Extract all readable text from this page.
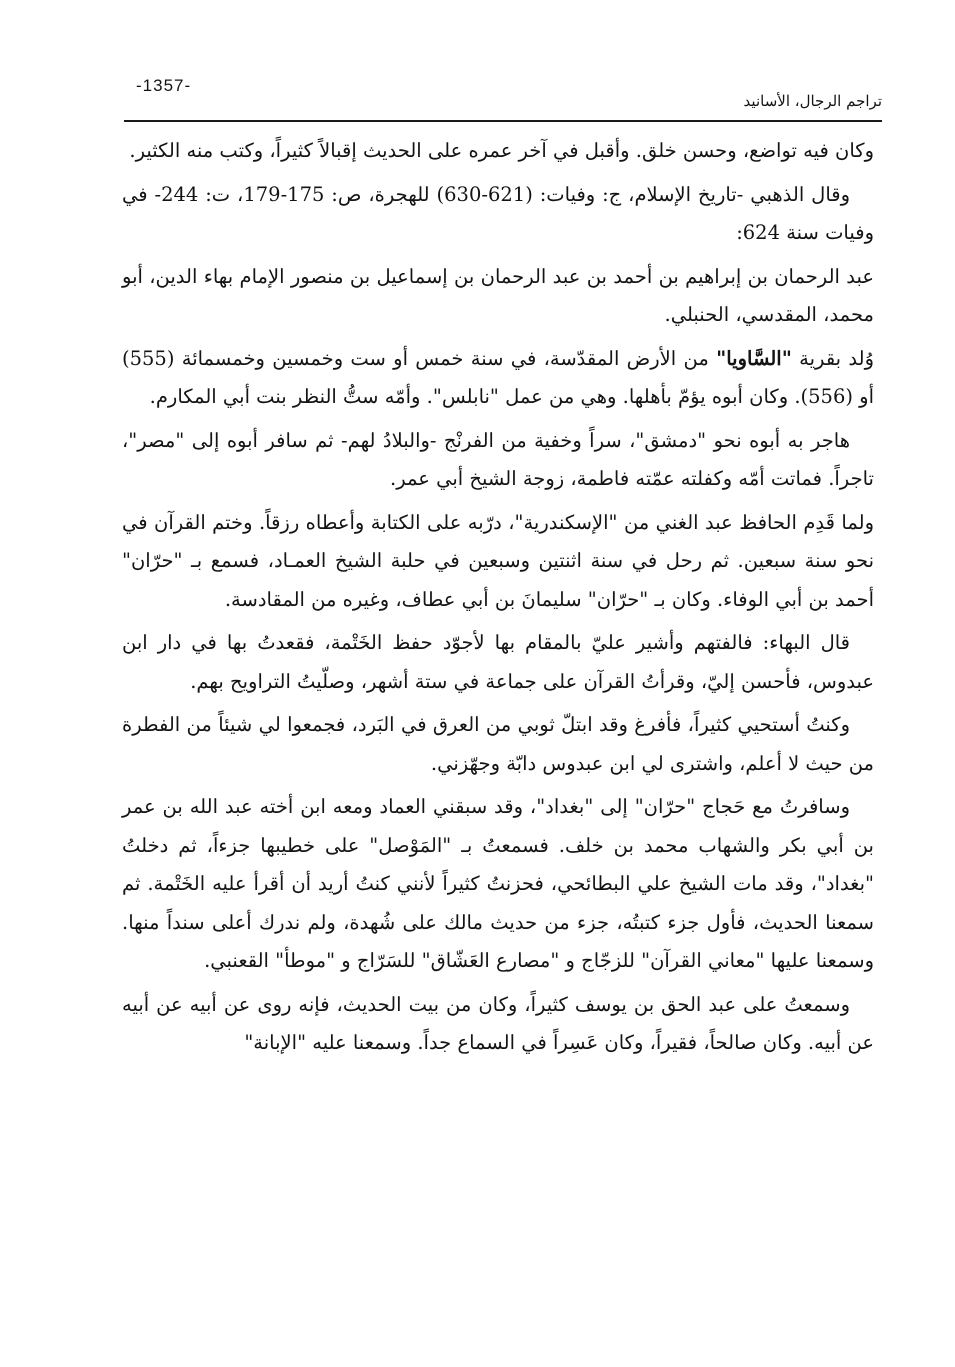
-1357-
تراجم الرجال، الأسانيد

وكان فيه تواضع، وحسن خلق. وأقبل في آخر عمره على الحديث إقبالاً كثيراً، وكتب منه الكثير.

وقال الذهبي -تاريخ الإسلام، ج: وفيات: (621-630) للهجرة، ص: 175-179، ت: 244- في وفيات سنة 624:

عبد الرحمان بن إبراهيم بن أحمد بن عبد الرحمان بن إسماعيل بن منصور الإمام بهاء الدين، أبو محمد، المقدسي، الحنبلي.

وُلد بقرية "السَّاويا" من الأرض المقدّسة، في سنة خمس أو ست وخمسين وخمسمائة (555) أو (556). وكان أبوه يؤمّ بأهلها. وهي من عمل "نابلس". وأمّه ستُّ النظر بنت أبي المكارم.

هاجر به أبوه نحو "دمشق"، سراً وخفية من الفرنْج -والبلادُ لهم- ثم سافر أبوه إلى "مصر"، تاجراً. فماتت أمّه وكفلته عمّته فاطمة، زوجة الشيخ أبي عمر.

ولما قَدِم الحافظ عبد الغني من "الإسكندرية"، درّبه على الكتابة وأعطاه رزقاً. وختم القرآن في نحو سنة سبعين. ثم رحل في سنة اثنتين وسبعين في حلبة الشيخ العمـاد، فسمع بـ "حرّان" أحمد بن أبي الوفاء. وكان بـ "حرّان" سليمانَ بن أبي عطاف، وغيره من المقادسة.

قال البهاء: فالفتهم وأشير عليّ بالمقام بها لأجوّد حفظ الخَتْمة، فقعدتُ بها في دار ابن عبدوس، فأحسن إليّ، وقرأتُ القرآن على جماعة في ستة أشهر، وصلّيتُ التراويح بهم.

وكنتُ أستحيي كثيراً، فأفرغ وقد ابتلّ ثوبي من العرق في البَرد، فجمعوا لي شيئاً من الفطرة من حيث لا أعلم، واشترى لي ابن عبدوس دابّة وجهّزني.

وسافرتُ مع حَجاج "حرّان" إلى "بغداد"، وقد سبقني العماد ومعه ابن أخته عبد الله بن عمر بن أبي بكر والشهاب محمد بن خلف. فسمعتُ بـ "المَوْصل" على خطيبها جزءاً، ثم دخلتُ "بغداد"، وقد مات الشيخ علي البطائحي، فحزنتُ كثيراً لأنني كنتُ أريد أن أقرأ عليه الخَتْمة. ثم سمعنا الحديث، فأول جزء كتبتُه، جزء من حديث مالك على شُهدة، ولم ندرك أعلى سنداً منها. وسمعنا عليها "معاني القرآن" للزجّاج و "مصارع العَشّاق" للسَرّاج و "موطأ" القعنبي.

وسمعتُ على عبد الحق بن يوسف كثيراً، وكان من بيت الحديث، فإنه روى عن أبيه عن أبيه عن أبيه. وكان صالحاً، فقيراً، وكان عَسِراً في السماع جداً. وسمعنا عليه "الإبانة"
